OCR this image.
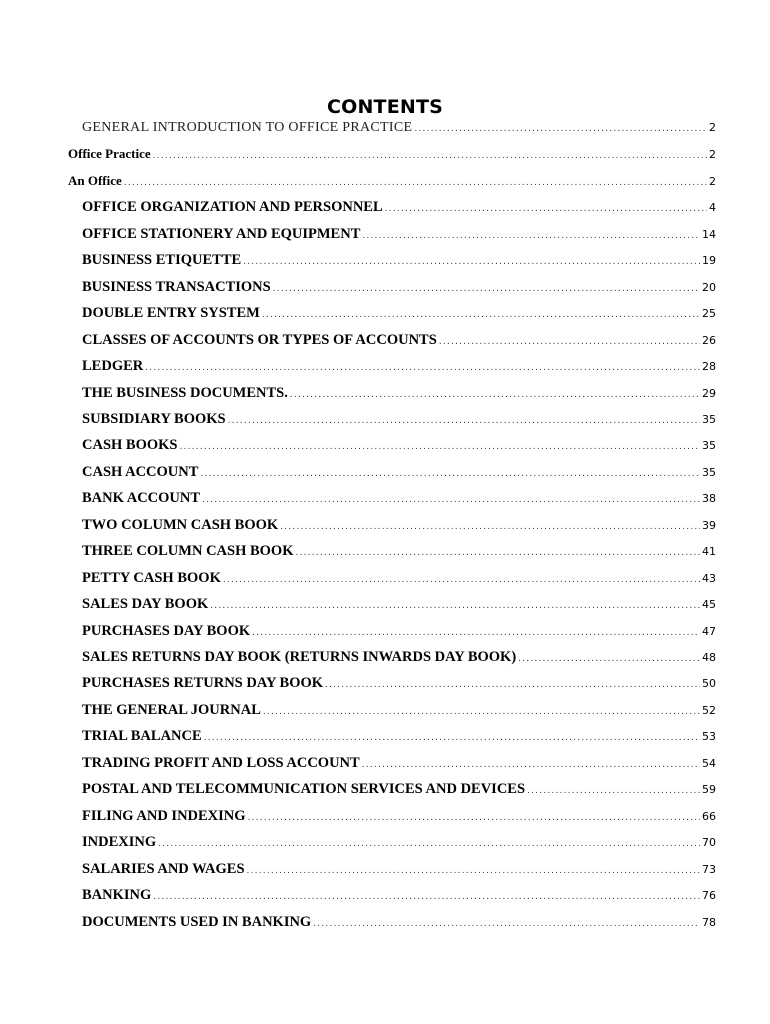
CONTENTS
GENERAL INTRODUCTION TO OFFICE PRACTICE .....	2
Office Practice .....	2
An Office .....	2
OFFICE ORGANIZATION AND PERSONNEL .....	4
OFFICE STATIONERY AND EQUIPMENT .....	14
BUSINESS ETIQUETTE .....	19
BUSINESS TRANSACTIONS .....	20
DOUBLE ENTRY SYSTEM .....	25
CLASSES OF ACCOUNTS OR TYPES OF ACCOUNTS .....	26
LEDGER .....	28
THE BUSINESS DOCUMENTS. .....	29
SUBSIDIARY BOOKS .....	35
CASH BOOKS .....	35
CASH ACCOUNT .....	35
BANK ACCOUNT .....	38
TWO COLUMN CASH BOOK .....	39
THREE COLUMN CASH BOOK .....	41
PETTY CASH BOOK .....	43
SALES DAY BOOK .....	45
PURCHASES DAY BOOK .....	47
SALES RETURNS DAY BOOK (RETURNS INWARDS DAY BOOK) .....	48
PURCHASES RETURNS DAY BOOK .....	50
THE GENERAL JOURNAL .....	52
TRIAL BALANCE .....	53
TRADING PROFIT AND LOSS ACCOUNT .....	54
POSTAL AND TELECOMMUNICATION SERVICES AND DEVICES .....	59
FILING AND INDEXING .....	66
INDEXING .....	70
SALARIES AND WAGES .....	73
BANKING .....	76
DOCUMENTS USED IN BANKING .....	78
